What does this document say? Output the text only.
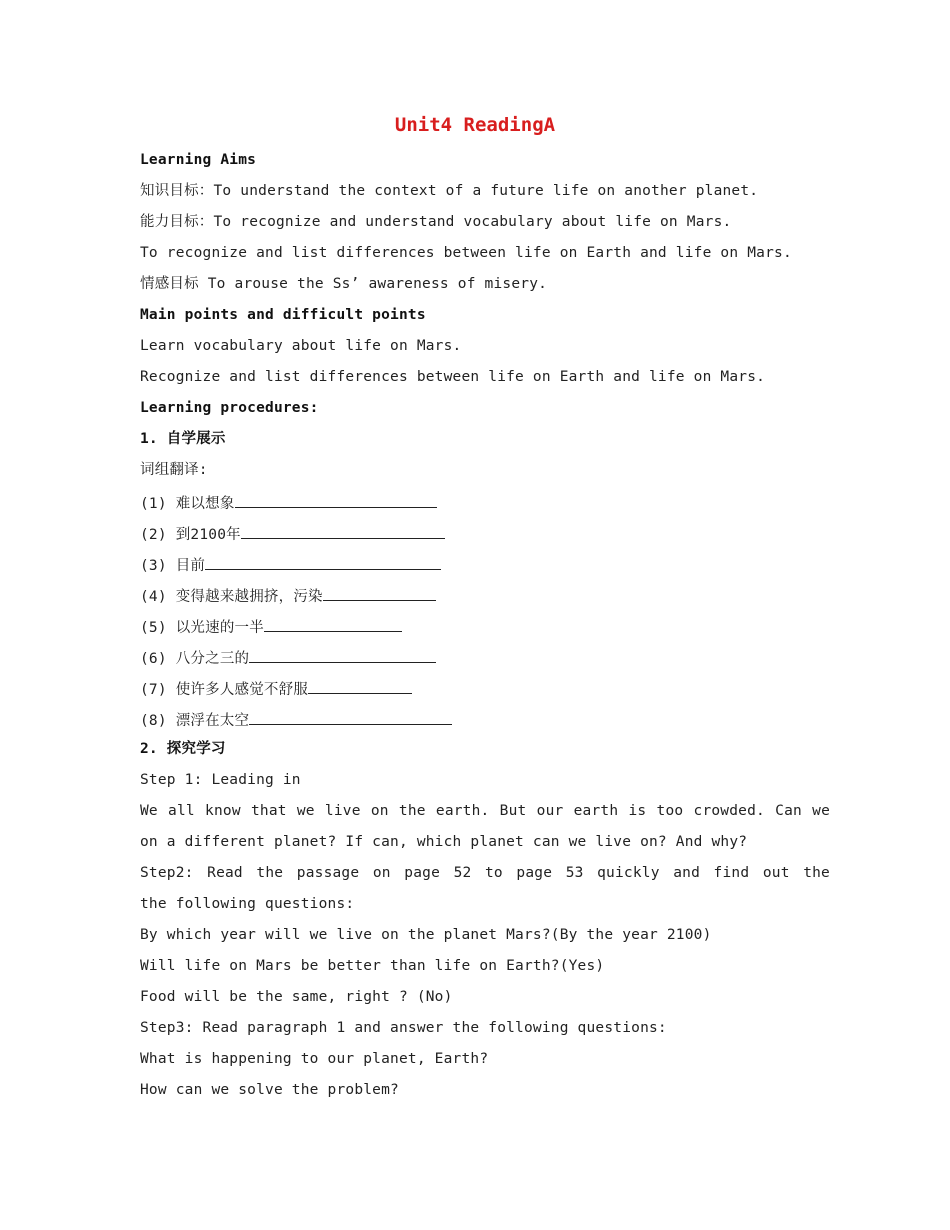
Unit4 ReadingA
Learning Aims
知识目标：To understand the context of a future life on another planet.
能力目标：To recognize and understand vocabulary about life on Mars.
To recognize and list differences between life on Earth and life on Mars.
情感目标 To arouse the Ss’ awareness of misery.
Main points and difficult points
Learn vocabulary about life on Mars.
Recognize and list differences between life on Earth and life on Mars.
Learning procedures:
1. 自学展示
词组翻译:
(1) 难以想象
(2) 到2100年
(3) 目前
(4) 变得越来越拥挤，污染
(5) 以光速的一半
(6) 八分之三的
(7) 使许多人感觉不舒服
(8) 漂浮在太空
2. 探究学习
Step 1: Leading in
We all know that we live on the earth. But our earth is too crowded. Can we
on a different planet? If can, which planet can we live on? And why?
Step2: Read the passage on page 52 to page 53 quickly and find out the
the following questions:
By which year will we live on the planet Mars?(By the year 2100)
Will life on Mars be better than life on Earth?(Yes)
Food will be the same, right ? (No)
Step3: Read paragraph 1 and answer the following questions:
What is happening to our planet, Earth?
How can we solve the problem?
